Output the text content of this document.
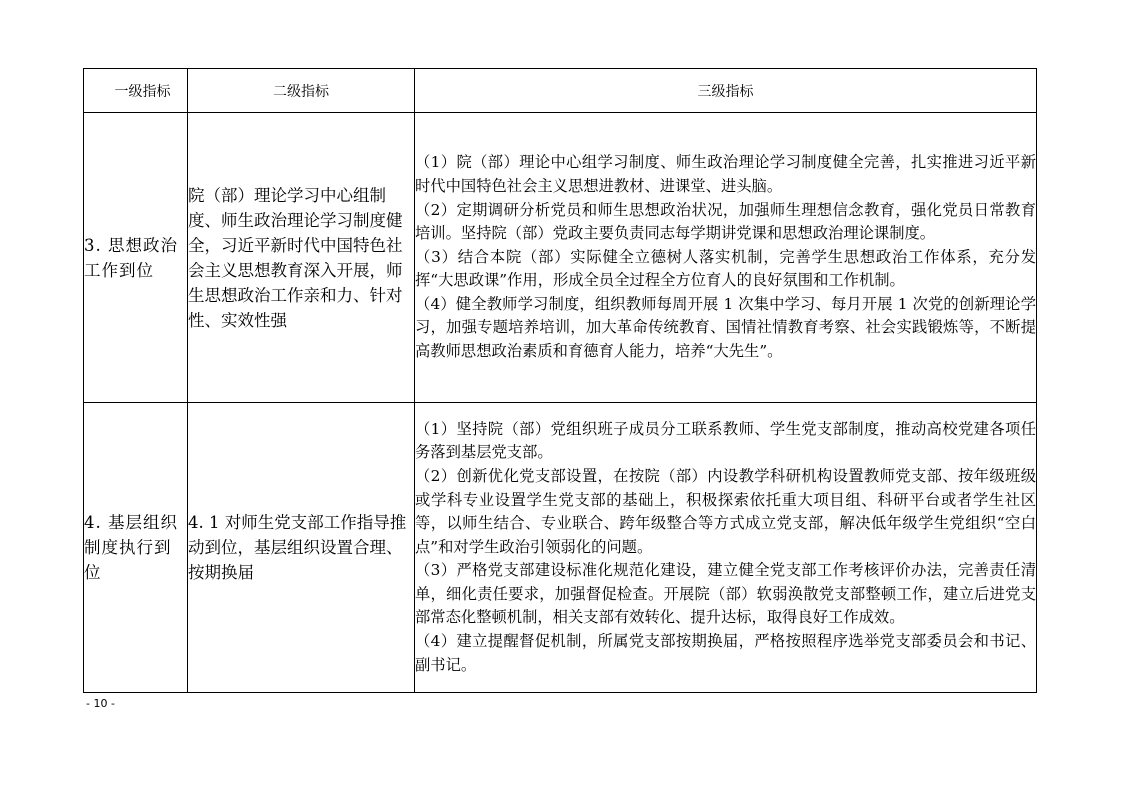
一级指标	二级指标	三级指标
3. 思想政治工作到位	院（部）理论学习中心组制度、师生政治理论学习制度健全，习近平新时代中国特色社会主义思想教育深入开展，师生思想政治工作亲和力、针对性、实效性强	（1）院（部）理论中心组学习制度、师生政治理论学习制度健全完善，扎实推进习近平新时代中国特色社会主义思想进教材、进课堂、进头脑。

（2）定期调研分析党员和师生思想政治状况，加强师生理想信念教育，强化党员日常教育培训。坚持院（部）党政主要负责同志每学期讲党课和思想政治理论课制度。

（3）结合本院（部）实际健全立德树人落实机制，完善学生思想政治工作体系，充分发挥“大思政课”作用，形成全员全过程全方位育人的良好氛围和工作机制。

（4）健全教师学习制度，组织教师每周开展 1 次集中学习、每月开展 1 次党的创新理论学习，加强专题培养培训，加大革命传统教育、国情社情教育考察、社会实践锻炼等，不断提高教师思想政治素质和育德育人能力，培养“大先生”。

4. 基层组织制度执行到位	4. 1 对师生党支部工作指导推动到位，基层组织设置合理、按期换届	（1）坚持院（部）党组织班子成员分工联系教师、学生党支部制度，推动高校党建各项任务落到基层党支部。

（2）创新优化党支部设置，在按院（部）内设教学科研机构设置教师党支部、按年级班级或学科专业设置学生党支部的基础上，积极探索依托重大项目组、科研平台或者学生社区等，以师生结合、专业联合、跨年级整合等方式成立党支部，解决低年级学生党组织“空白点”和对学生政治引领弱化的问题。

（3）严格党支部建设标准化规范化建设，建立健全党支部工作考核评价办法，完善责任清单，细化责任要求，加强督促检查。开展院（部）软弱涣散党支部整顿工作，建立后进党支部常态化整顿机制，相关支部有效转化、提升达标，取得良好工作成效。

（4）建立提醒督促机制，所属党支部按期换届，严格按照程序选举党支部委员会和书记、副书记。

- 10 -
